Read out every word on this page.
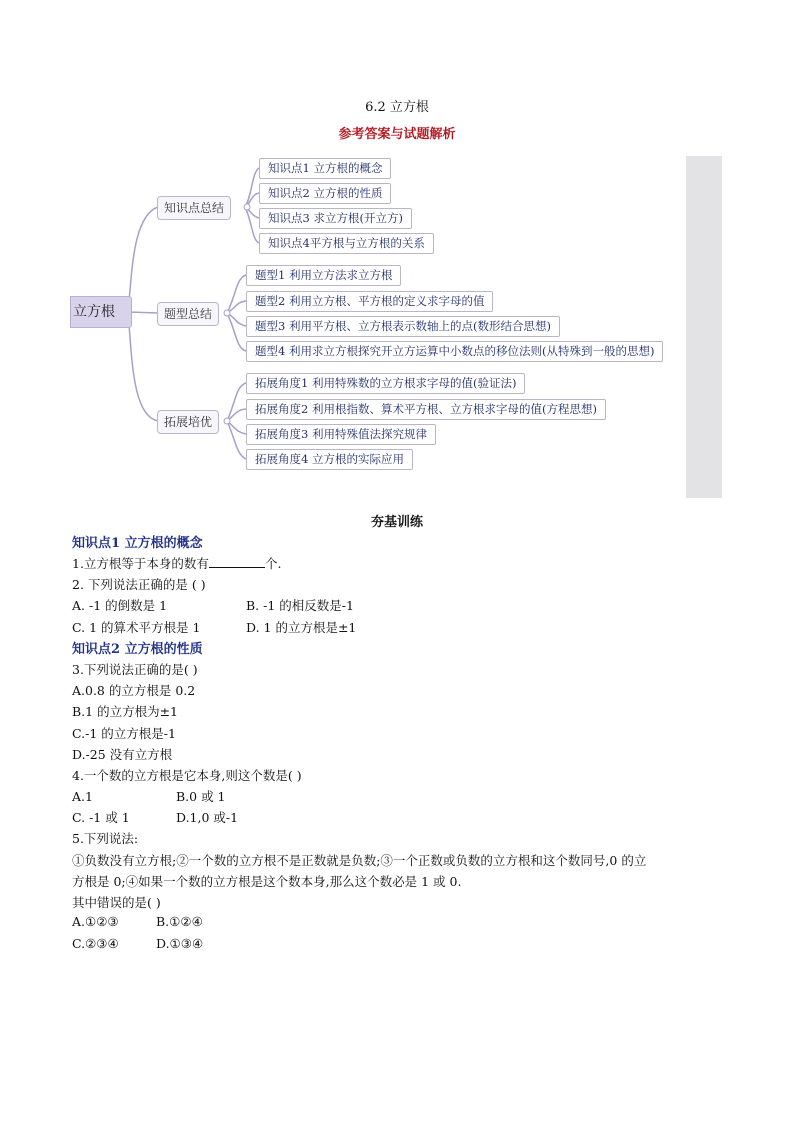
6.2 立方根
参考答案与试题解析
立方根
知识点总结
题型总结
拓展培优
知识点1 立方根的概念
知识点2 立方根的性质
知识点3 求立方根(开立方)
知识点4平方根与立方根的关系
题型1 利用立方法求立方根
题型2 利用立方根、平方根的定义求字母的值
题型3 利用平方根、立方根表示数轴上的点(数形结合思想)
题型4 利用求立方根探究开立方运算中小数点的移位法则(从特殊到一般的思想)
拓展角度1 利用特殊数的立方根求字母的值(验证法)
拓展角度2 利用根指数、算术平方根、立方根求字母的值(方程思想)
拓展角度3 利用特殊值法探究规律
拓展角度4 立方根的实际应用
夯基训练
知识点1 立方根的概念
1.立方根等于本身的数有	个.
2. 下列说法正确的是 ( )
A. -1 的倒数是 1	B. -1 的相反数是-1
C. 1 的算术平方根是 1	D. 1 的立方根是±1
知识点2 立方根的性质
3.下列说法正确的是( )
A.0.8 的立方根是 0.2
B.1 的立方根为±1
C.-1 的立方根是-1
D.-25 没有立方根
4.一个数的立方根是它本身,则这个数是( )
A.1	B.0 或 1
C. -1 或 1	D.1,0 或-1
5.下列说法:
①负数没有立方根;②一个数的立方根不是正数就是负数;③一个正数或负数的立方根和这个数同号,0 的立
方根是 0;④如果一个数的立方根是这个数本身,那么这个数必是 1 或 0.
其中错误的是( )
A.①②③	B.①②④
C.②③④	D.①③④
